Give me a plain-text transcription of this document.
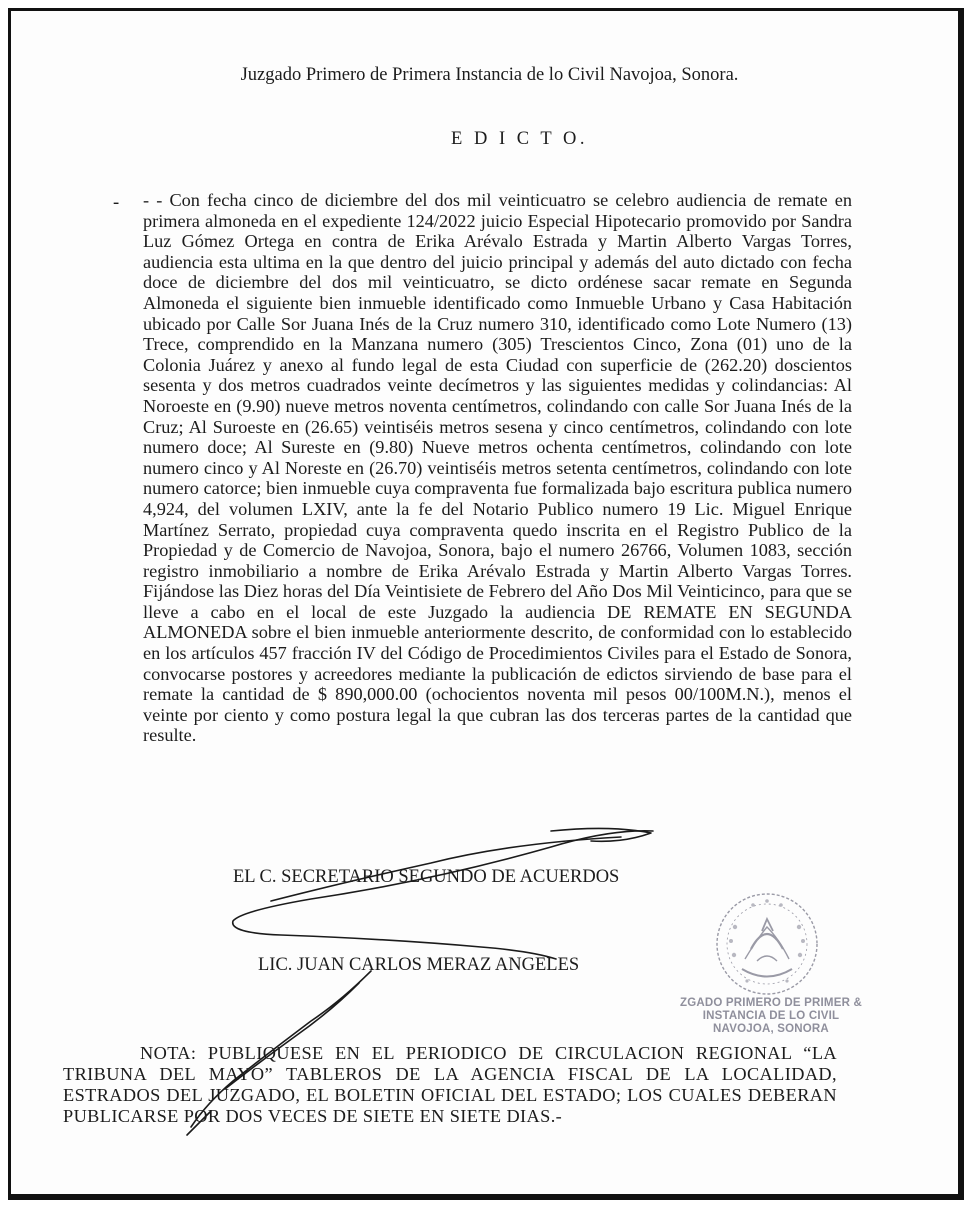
Juzgado Primero de Primera Instancia de lo Civil Navojoa, Sonora.
E D I C T O.
- - - Con fecha cinco de diciembre del dos mil veinticuatro se celebro audiencia de remate en primera almoneda en el expediente 124/2022 juicio Especial Hipotecario promovido por Sandra Luz Gómez Ortega en contra de Erika Arévalo Estrada y Martin Alberto Vargas Torres, audiencia esta ultima en la que dentro del juicio principal y además del auto dictado con fecha doce de diciembre del dos mil veinticuatro, se dicto ordénese sacar remate en Segunda Almoneda el siguiente bien inmueble identificado como Inmueble Urbano y Casa Habitación ubicado por Calle Sor Juana Inés de la Cruz numero 310, identificado como Lote Numero (13) Trece, comprendido en la Manzana numero (305) Trescientos Cinco, Zona (01) uno de la Colonia Juárez y anexo al fundo legal de esta Ciudad con superficie de (262.20) doscientos sesenta y dos metros cuadrados veinte decímetros y las siguientes medidas y colindancias: Al Noroeste en (9.90) nueve metros noventa centímetros, colindando con calle Sor Juana Inés de la Cruz; Al Suroeste en (26.65) veintiséis metros sesena y cinco centímetros, colindando con lote numero doce; Al Sureste en (9.80) Nueve metros ochenta centímetros, colindando con lote numero cinco y Al Noreste en (26.70) veintiséis metros setenta centímetros, colindando con lote numero catorce; bien inmueble cuya compraventa fue formalizada bajo escritura publica numero 4,924, del volumen LXIV, ante la fe del Notario Publico numero 19 Lic. Miguel Enrique Martínez Serrato, propiedad cuya compraventa quedo inscrita en el Registro Publico de la Propiedad y de Comercio de Navojoa, Sonora, bajo el numero 26766, Volumen 1083, sección registro inmobiliario a nombre de Erika Arévalo Estrada y Martin Alberto Vargas Torres. Fijándose las Diez horas del Día Veintisiete de Febrero del Año Dos Mil Veinticinco, para que se lleve a cabo en el local de este Juzgado la audiencia DE REMATE EN SEGUNDA ALMONEDA sobre el bien inmueble anteriormente descrito, de conformidad con lo establecido en los artículos 457 fracción IV del Código de Procedimientos Civiles para el Estado de Sonora, convocarse postores y acreedores mediante la publicación de edictos sirviendo de base para el remate la cantidad de $ 890,000.00 (ochocientos noventa mil pesos 00/100M.N.), menos el veinte por ciento y como postura legal la que cubran las dos terceras partes de la cantidad que resulte.

EL C. SECRETARIO SEGUNDO DE ACUERDOS
LIC. JUAN CARLOS MERAZ ANGELES
ZGADO PRIMERO DE PRIMER &
INSTANCIA DE LO CIVIL
NAVOJOA, SONORA

NOTA: PUBLIQUESE EN EL PERIODICO DE CIRCULACION REGIONAL “LA TRIBUNA DEL MAYO” TABLEROS DE LA AGENCIA FISCAL DE LA LOCALIDAD, ESTRADOS DEL JUZGADO, EL BOLETIN OFICIAL DEL ESTADO; LOS CUALES DEBERAN PUBLICARSE POR DOS VECES DE SIETE EN SIETE DIAS.-
